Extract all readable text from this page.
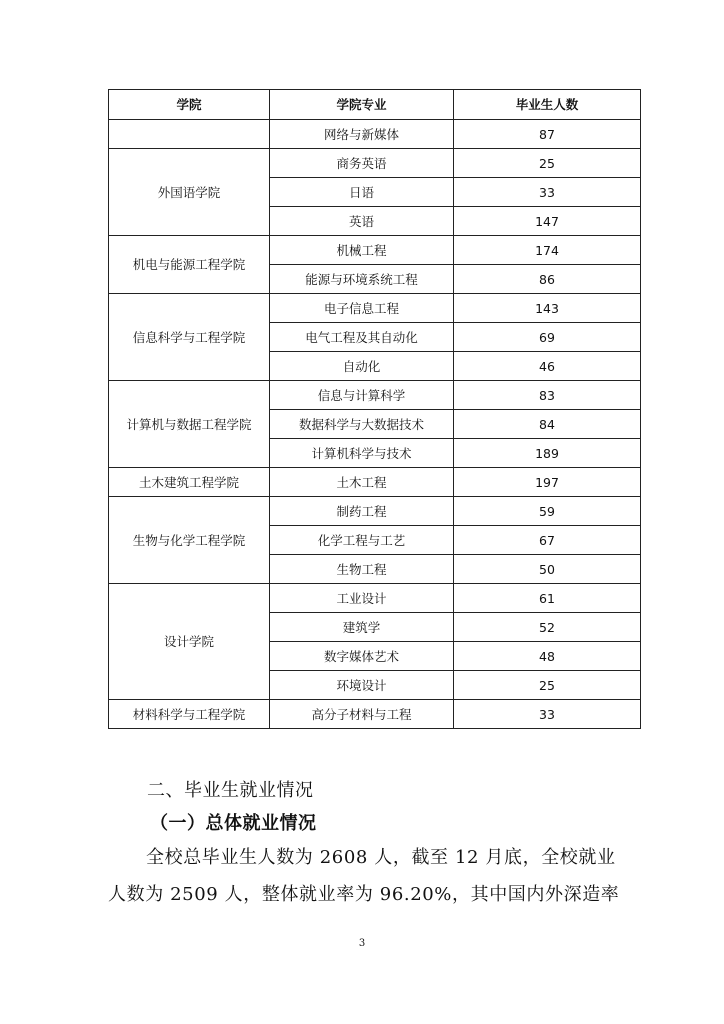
学院	学院专业	毕业生人数
	网络与新媒体	87
外国语学院	商务英语	25
	日语	33
	英语	147
机电与能源工程学院	机械工程	174
	能源与环境系统工程	86
信息科学与工程学院	电子信息工程	143
	电气工程及其自动化	69
	自动化	46
计算机与数据工程学院	信息与计算科学	83
	数据科学与大数据技术	84
	计算机科学与技术	189
土木建筑工程学院	土木工程	197
生物与化学工程学院	制药工程	59
	化学工程与工艺	67
	生物工程	50
设计学院	工业设计	61
	建筑学	52
	数字媒体艺术	48
	环境设计	25
材料科学与工程学院	高分子材料与工程	33
二、毕业生就业情况
（一）总体就业情况
全校总毕业生人数为 2608 人，截至 12 月底，全校就业
人数为 2509 人，整体就业率为 96.20%，其中国内外深造率
3
